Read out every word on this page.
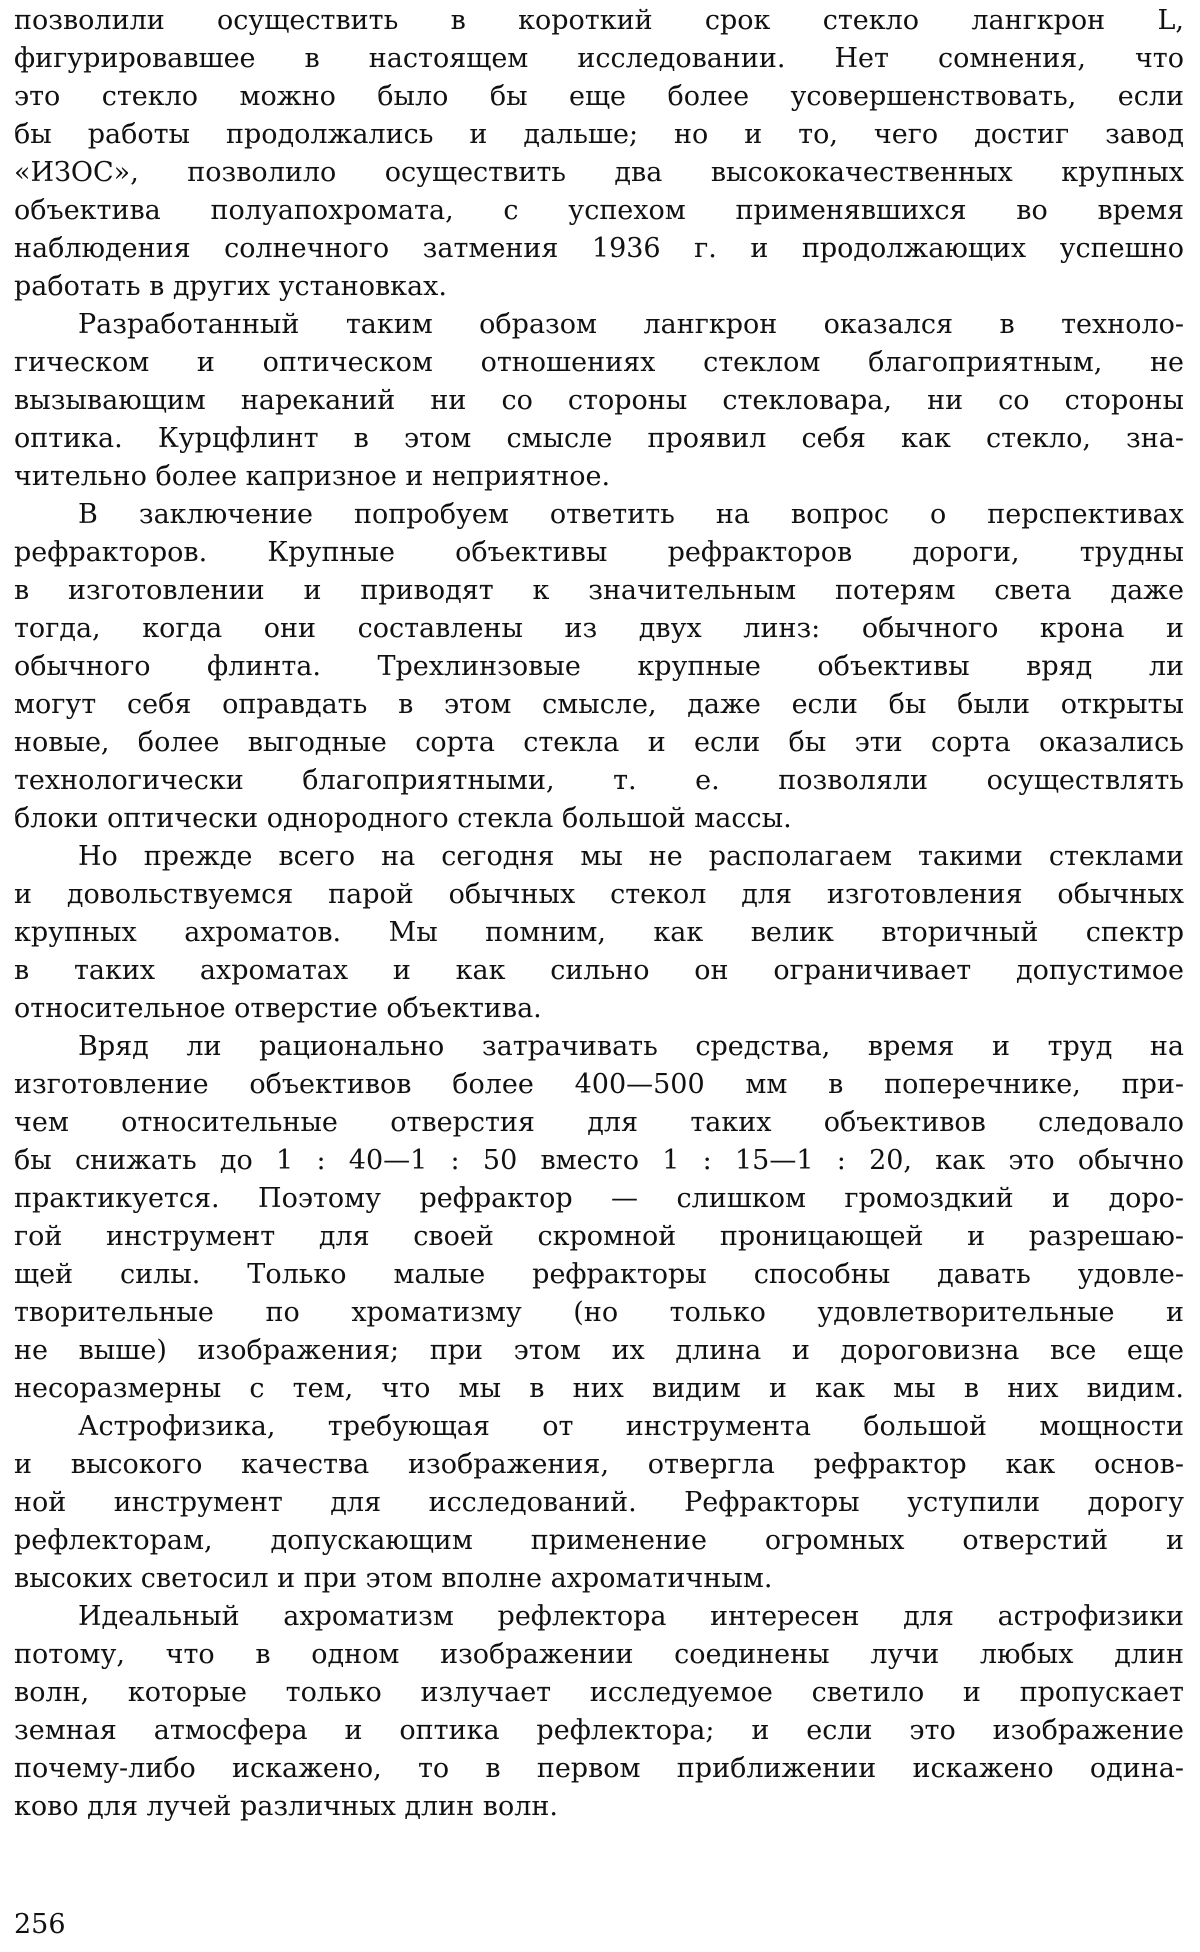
позволили осуществить в короткий срок стекло лангкрон L,
фигурировавшее в настоящем исследовании. Нет сомнения, что
это стекло можно было бы еще более усовершенствовать, если
бы работы продолжались и дальше; но и то, чего достиг завод
«ИЗОС», позволило осуществить два высококачественных крупных
объектива полуапохромата, с успехом применявшихся во время
наблюдения солнечного затмения 1936 г. и продолжающих успешно
работать в других установках.
Разработанный таким образом лангкрон оказался в техноло-
гическом и оптическом отношениях стеклом благоприятным, не
вызывающим нареканий ни со стороны стекловара, ни со стороны
оптика. Курцфлинт в этом смысле проявил себя как стекло, зна-
чительно более капризное и неприятное.
В заключение попробуем ответить на вопрос о перспективах
рефракторов. Крупные объективы рефракторов дороги, трудны
в изготовлении и приводят к значительным потерям света даже
тогда, когда они составлены из двух линз: обычного крона и
обычного флинта. Трехлинзовые крупные объективы вряд ли
могут себя оправдать в этом смысле, даже если бы были открыты
новые, более выгодные сорта стекла и если бы эти сорта оказались
технологически благоприятными, т. е. позволяли осуществлять
блоки оптически однородного стекла большой массы.
Но прежде всего на сегодня мы не располагаем такими стеклами
и довольствуемся парой обычных стекол для изготовления обычных
крупных ахроматов. Мы помним, как велик вторичный спектр
в таких ахроматах и как сильно он ограничивает допустимое
относительное отверстие объектива.
Вряд ли рационально затрачивать средства, время и труд на
изготовление объективов более 400—500 мм в поперечнике, при-
чем относительные отверстия для таких объективов следовало
бы снижать до 1 : 40—1 : 50 вместо 1 : 15—1 : 20, как это обычно
практикуется. Поэтому рефрактор — слишком громоздкий и доро-
гой инструмент для своей скромной проницающей и разрешаю-
щей силы. Только малые рефракторы способны давать удовле-
творительные по хроматизму (но только удовлетворительные и
не выше) изображения; при этом их длина и дороговизна все еще
несоразмерны с тем, что мы в них видим и как мы в них видим.
Астрофизика, требующая от инструмента большой мощности
и высокого качества изображения, отвергла рефрактор как основ-
ной инструмент для исследований. Рефракторы уступили дорогу
рефлекторам, допускающим применение огромных отверстий и
высоких светосил и при этом вполне ахроматичным.
Идеальный ахроматизм рефлектора интересен для астрофизики
потому, что в одном изображении соединены лучи любых длин
волн, которые только излучает исследуемое светило и пропускает
земная атмосфера и оптика рефлектора; и если это изображение
почему-либо искажено, то в первом приближении искажено одина-
ково для лучей различных длин волн.
256
